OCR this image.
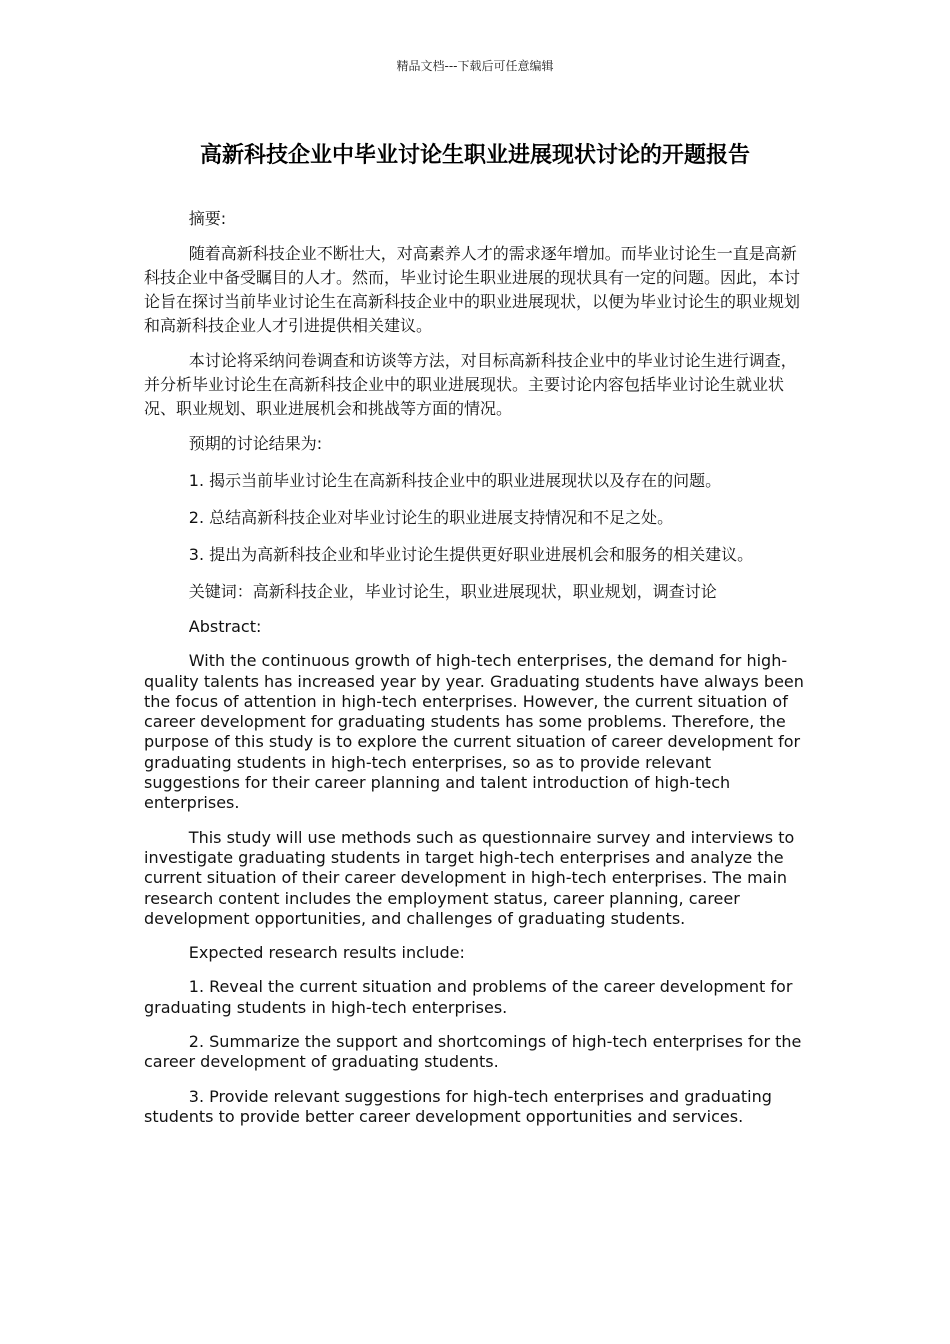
精品文档---下载后可任意编辑
高新科技企业中毕业讨论生职业进展现状讨论的开题报告

摘要:

随着高新科技企业不断壮大，对高素养人才的需求逐年增加。而毕业讨论生一直是高新科技企业中备受瞩目的人才。然而，毕业讨论生职业进展的现状具有一定的问题。因此，本讨论旨在探讨当前毕业讨论生在高新科技企业中的职业进展现状，以便为毕业讨论生的职业规划和高新科技企业人才引进提供相关建议。

本讨论将采纳问卷调查和访谈等方法，对目标高新科技企业中的毕业讨论生进行调查，并分析毕业讨论生在高新科技企业中的职业进展现状。主要讨论内容包括毕业讨论生就业状况、职业规划、职业进展机会和挑战等方面的情况。

预期的讨论结果为:

1. 揭示当前毕业讨论生在高新科技企业中的职业进展现状以及存在的问题。

2. 总结高新科技企业对毕业讨论生的职业进展支持情况和不足之处。

3. 提出为高新科技企业和毕业讨论生提供更好职业进展机会和服务的相关建议。

关键词：高新科技企业，毕业讨论生，职业进展现状，职业规划，调查讨论

Abstract:

With the continuous growth of high-tech enterprises, the demand for high-quality talents has increased year by year. Graduating students have always been the focus of attention in high-tech enterprises. However, the current situation of career development for graduating students has some problems. Therefore, the purpose of this study is to explore the current situation of career development for graduating students in high-tech enterprises, so as to provide relevant suggestions for their career planning and talent introduction of high-tech enterprises.

This study will use methods such as questionnaire survey and interviews to investigate graduating students in target high-tech enterprises and analyze the current situation of their career development in high-tech enterprises. The main research content includes the employment status, career planning, career development opportunities, and challenges of graduating students.

Expected research results include:

1. Reveal the current situation and problems of the career development for graduating students in high-tech enterprises.

2. Summarize the support and shortcomings of high-tech enterprises for the career development of graduating students.

3. Provide relevant suggestions for high-tech enterprises and graduating students to provide better career development opportunities and services.
